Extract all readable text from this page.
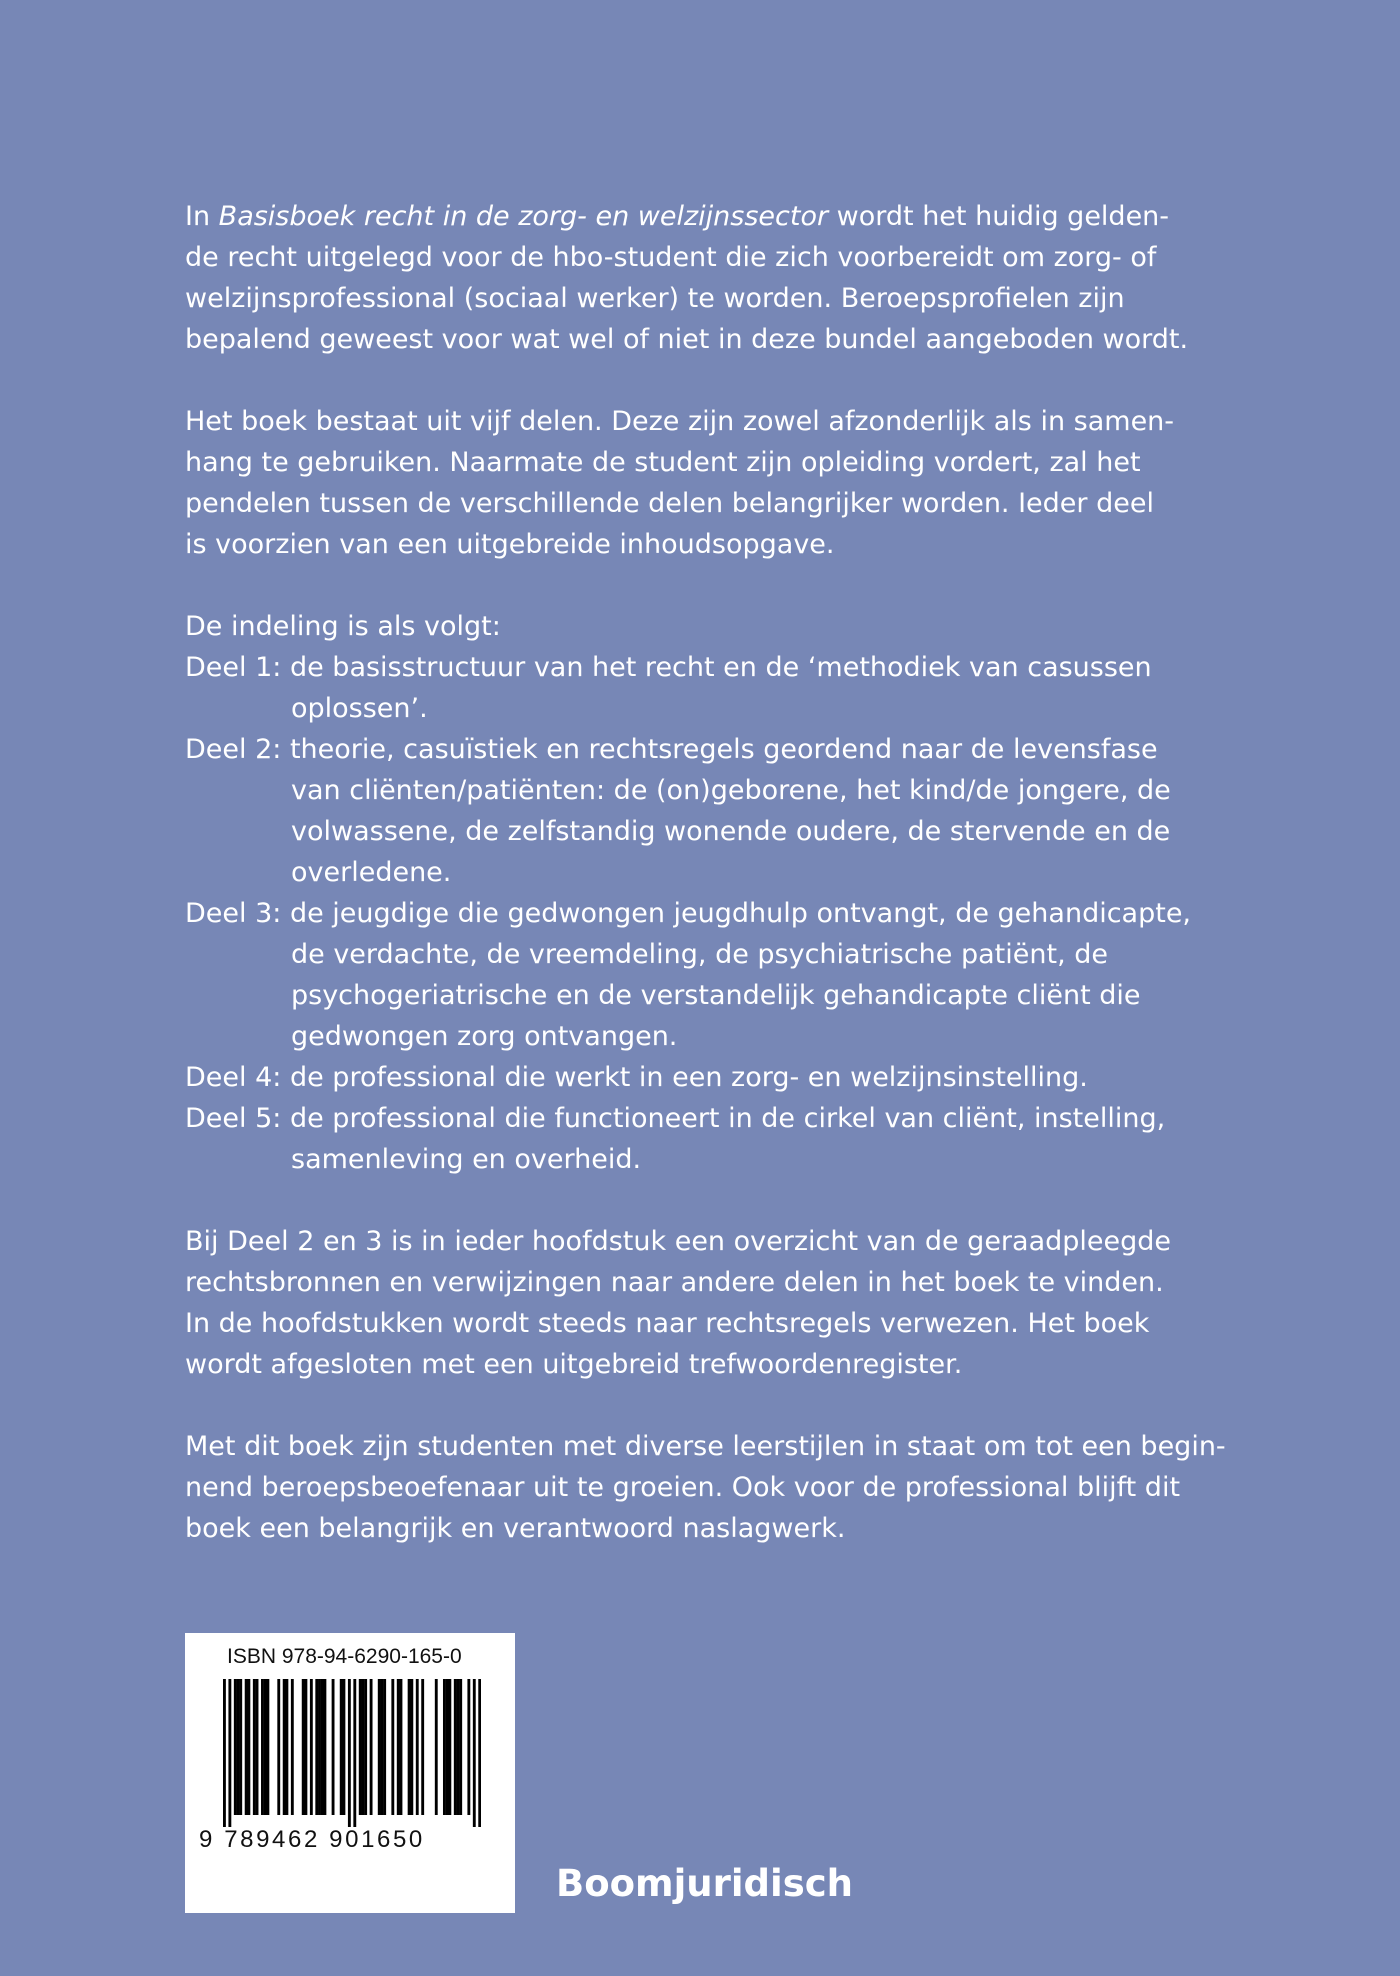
In Basisboek recht in de zorg- en welzijnssector wordt het huidig gelden-
de recht uitgelegd voor de hbo-student die zich voorbereidt om zorg- of
welzijnsprofessional (sociaal werker) te worden. Beroepsprofielen zijn
bepalend geweest voor wat wel of niet in deze bundel aangeboden wordt.
Het boek bestaat uit vijf delen. Deze zijn zowel afzonderlijk als in samen-
hang te gebruiken. Naarmate de student zijn opleiding vordert, zal het
pendelen tussen de verschillende delen belangrijker worden. Ieder deel
is voorzien van een uitgebreide inhoudsopgave.
De indeling is als volgt:
Deel 1: de basisstructuur van het recht en de ‘methodiek van casussen
oplossen’.
Deel 2: theorie, casuïstiek en rechtsregels geordend naar de levensfase
van cliënten/patiënten: de (on)geborene, het kind/de jongere, de
volwassene, de zelfstandig wonende oudere, de stervende en de
overledene.
Deel 3: de jeugdige die gedwongen jeugdhulp ontvangt, de gehandicapte,
de verdachte, de vreemdeling, de psychiatrische patiënt, de
psychogeriatrische en de verstandelijk gehandicapte cliënt die
gedwongen zorg ontvangen.
Deel 4: de professional die werkt in een zorg- en welzijnsinstelling.
Deel 5: de professional die functioneert in de cirkel van cliënt, instelling,
samenleving en overheid.
Bij Deel 2 en 3 is in ieder hoofdstuk een overzicht van de geraadpleegde
rechtsbronnen en verwijzingen naar andere delen in het boek te vinden.
In de hoofdstukken wordt steeds naar rechtsregels verwezen. Het boek
wordt afgesloten met een uitgebreid trefwoordenregister.
Met dit boek zijn studenten met diverse leerstijlen in staat om tot een begin-
nend beroepsbeoefenaar uit te groeien. Ook voor de professional blijft dit
boek een belangrijk en verantwoord naslagwerk.
ISBN 978-94-6290-165-0
9 789462 901650
Boomjuridisch
